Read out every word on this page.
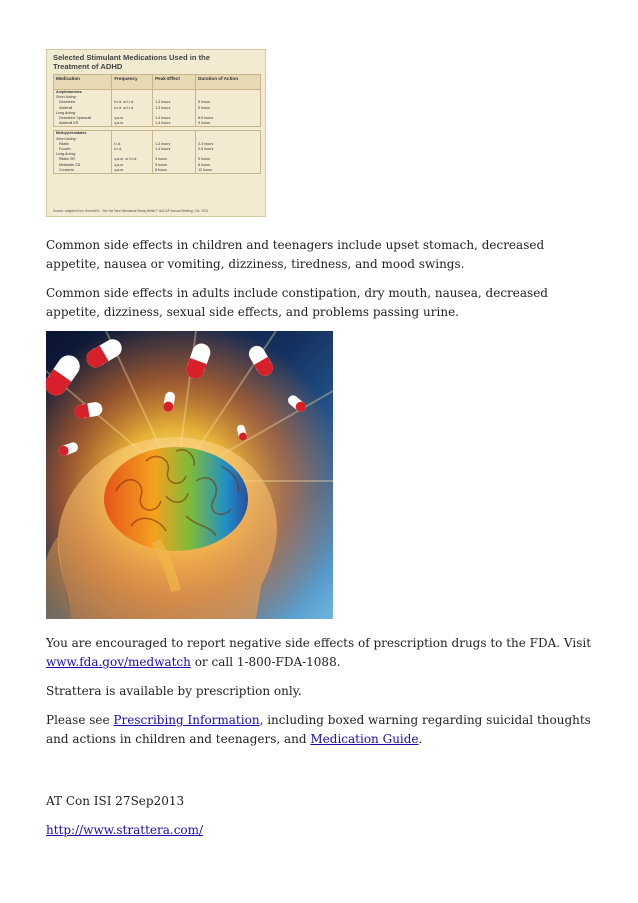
Selected Stimulant Medications Used in the
Treatment of ADHD
Medication	Frequency	Peak Effect	Duration of Action
Amphetamines			
Short Acting:			
Dexedrine	b.i.d. or t.i.d.	1-3 hours	5 hours
Adderall	b.i.d. or t.i.d.	1-3 hours	5 hours
Long Acting:			
Dexedrine Spansule	q.a.m.	1-4 hours	6-9 hours
Adderall XR	q.a.m.	1-4 hours	9 hours

Methylphenidates			
Short Acting:			
Ritalin	t.i.d.	1-3 hours	2-4 hours
Focalin	b.i.d.	1-4 hours	2-5 hours
Long Acting:			
Ritalin SR	q.a.m. or b.i.d.	3 hours	5 hours
Metadate CD	q.a.m.	5 hours	8 hours
Concerta	q.a.m.	8 hours	12 hours
Source: Adapted from Greenhill L. "Are the New Stimulants Really Better?" AACAP Annual Meeting, Oct. 2001.

Common side effects in children and teenagers include upset stomach, decreased appetite, nausea or vomiting, dizziness, tiredness, and mood swings.

Common side effects in adults include constipation, dry mouth, nausea, decreased appetite, dizziness, sexual side effects, and problems passing urine.

You are encouraged to report negative side effects of prescription drugs to the FDA. Visit www.fda.gov/medwatch or call 1-800-FDA-1088.

Strattera is available by prescription only.

Please see Prescribing Information, including boxed warning regarding suicidal thoughts and actions in children and teenagers, and Medication Guide.

AT Con ISI 27Sep2013

http://www.strattera.com/
